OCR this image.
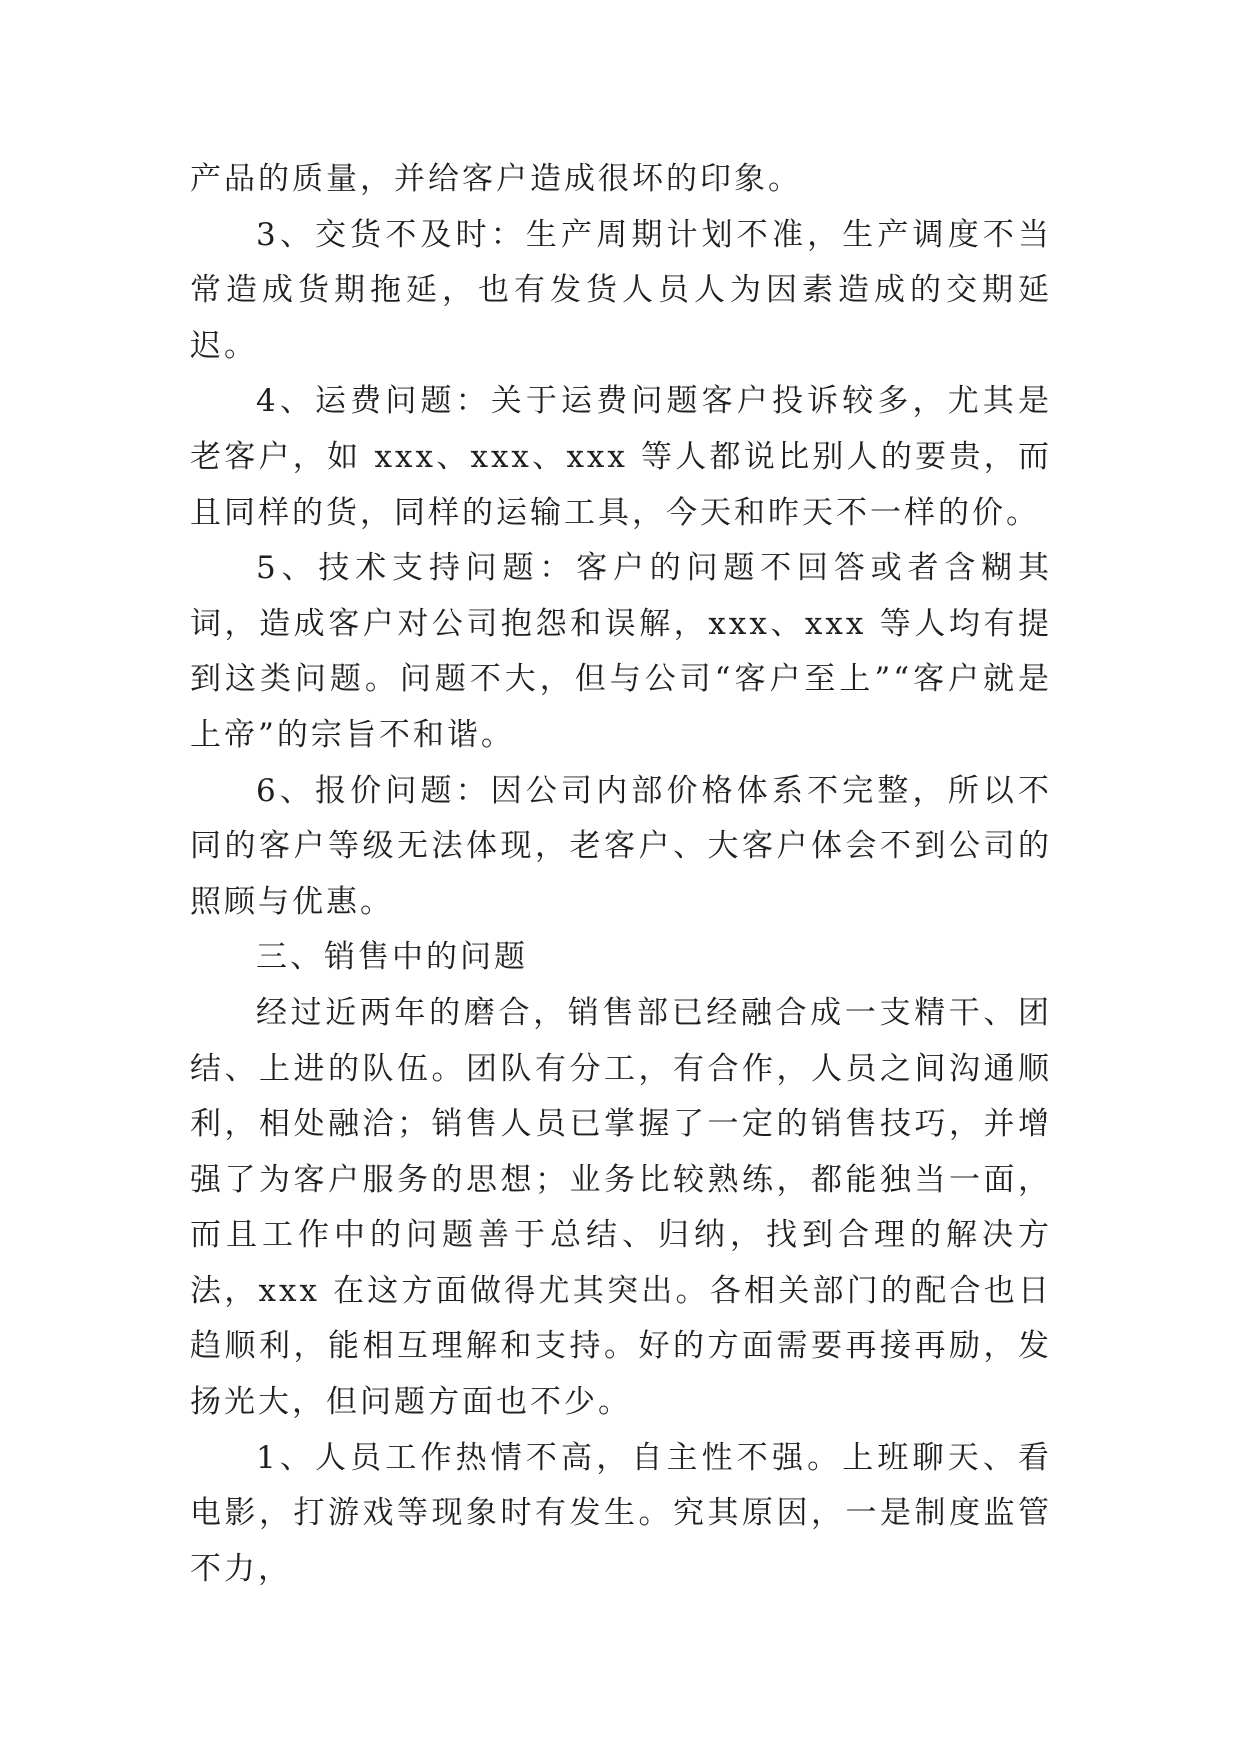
产品的质量，并给客户造成很坏的印象。

3、交货不及时：生产周期计划不准，生产调度不当常造成货期拖延，也有发货人员人为因素造成的交期延迟。

4、运费问题：关于运费问题客户投诉较多，尤其是老客户，如 xxx、xxx、xxx 等人都说比别人的要贵，而且同样的货，同样的运输工具，今天和昨天不一样的价。

5、技术支持问题：客户的问题不回答或者含糊其词，造成客户对公司抱怨和误解，xxx、xxx 等人均有提到这类问题。问题不大，但与公司“客户至上”“客户就是上帝”的宗旨不和谐。

6、报价问题：因公司内部价格体系不完整，所以不同的客户等级无法体现，老客户、大客户体会不到公司的照顾与优惠。

三、销售中的问题

经过近两年的磨合，销售部已经融合成一支精干、团结、上进的队伍。团队有分工，有合作，人员之间沟通顺利，相处融洽；销售人员已掌握了一定的销售技巧，并增强了为客户服务的思想；业务比较熟练，都能独当一面，而且工作中的问题善于总结、归纳，找到合理的解决方法，xxx 在这方面做得尤其突出。各相关部门的配合也日趋顺利，能相互理解和支持。好的方面需要再接再励，发扬光大，但问题方面也不少。

1、人员工作热情不高，自主性不强。上班聊天、看电影，打游戏等现象时有发生。究其原因，一是制度监管不力，
